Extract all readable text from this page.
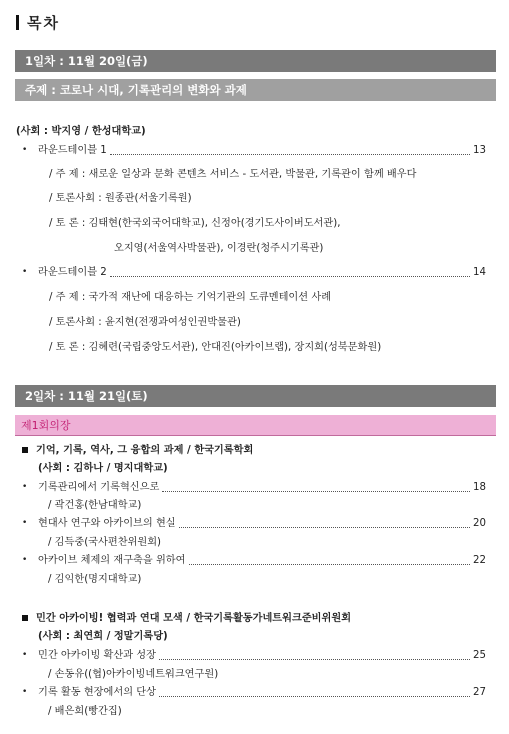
목차
1일차 : 11월 20일(금)
주제 : 코로나 시대, 기록관리의 변화와 과제
(사회 : 박지영 / 한성대학교)
•	라운드테이블 1	13
/ 주 제 : 새로운 일상과 문화 콘텐츠 서비스 - 도서관, 박물관, 기록관이 함께 배우다
/ 토론사회 : 원종관(서울기록원)
/ 토 론 : 김태현(한국외국어대학교), 신정아(경기도사이버도서관),
오지영(서울역사박물관), 이경란(청주시기록관)
•	라운드테이블 2	14
/ 주 제 : 국가적 재난에 대응하는 기억기관의 도큐멘테이션 사례
/ 토론사회 : 윤지현(전쟁과여성인권박물관)
/ 토 론 : 김혜련(국립중앙도서관), 안대진(아카이브랩), 장지희(성북문화원)
2일차 : 11월 21일(토)
제1회의장
기억, 기록, 역사, 그 융합의 과제 / 한국기록학회
(사회 : 김하나 / 명지대학교)
•	기록관리에서 기록혁신으로	18
/ 곽건홍(한남대학교)
•	현대사 연구와 아카이브의 현실	20
/ 김득중(국사편찬위원회)
•	아카이브 체제의 재구축을 위하여	22
/ 김익한(명지대학교)
민간 아카이빙! 협력과 연대 모색 / 한국기록활동가네트워크준비위원회
(사회 : 최연희 / 정말기록당)
•	민간 아카이빙 확산과 성장	25
/ 손동유((협)아카이빙네트워크연구원)
•	기록 활동 현장에서의 단상	27
/ 배은희(빵간집)
